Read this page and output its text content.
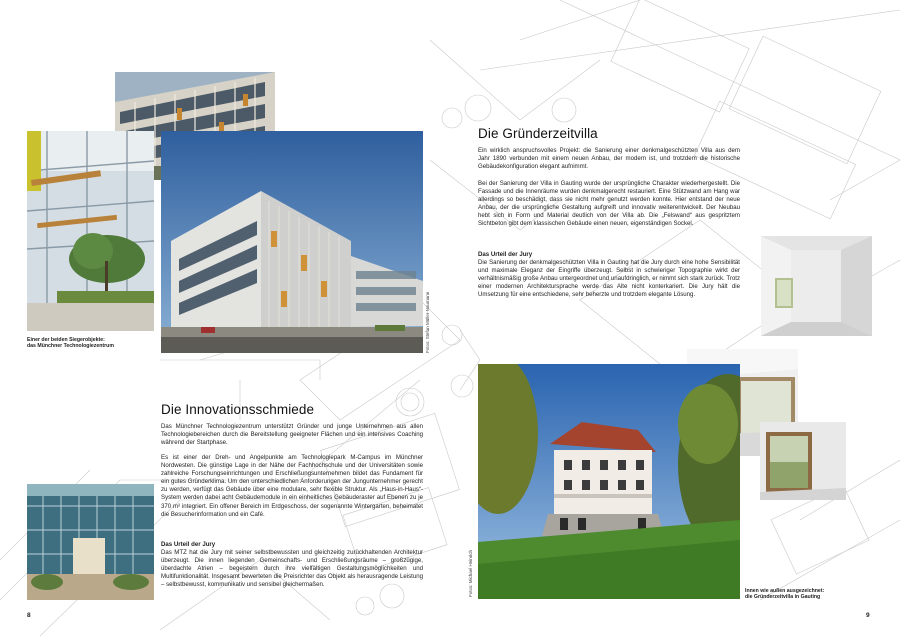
Fotos: Stefan Müller-Naumann
Einer der beiden Siegerobjekte:
das Münchner Technologiezentrum
Die Innovationsschmiede
Das Münchner Technologiezentrum unterstützt Gründer und junge Unternehmen aus allen Technologiebereichen durch die Bereitstellung geeigneter Flächen und ein intensives Coaching während der Startphase.
Es ist einer der Dreh- und Angelpunkte am Technologiepark M-Campus im Münchner Nordwesten. Die günstige Lage in der Nähe der Fachhochschule und der Universitäten sowie zahlreiche Forschungseinrichtungen und Erschließungsunternehmen bildet das Fundament für ein gutes Gründerklima. Um den unterschiedlichen Anforderungen der Jungunternehmer gerecht zu werden, verfügt das Gebäude über eine modulare, sehr flexible Struktur. Als „Haus-in-Haus“-System werden dabei acht Gebäudemodule in ein einheitliches Gebäuderaster auf Ebenen zu je 370 m² integriert. Ein offener Bereich im Erdgeschoss, der sogenannte Wintergarten, beheimatet die Besucherinformation und ein Café.
Das Urteil der Jury
Das MTZ hat die Jury mit seiner selbstbewussten und gleichzeitig zurückhaltenden Architektur überzeugt. Die innen liegenden Gemeinschafts- und Erschließungsräume – großzügige, überdachte Atrien – begeistern durch ihre vielfältigen Gestaltungsmöglichkeiten und Multifunktionalität. Insgesamt bewerteten die Preisrichter das Objekt als herausragende Leistung – selbstbewusst, kommunikativ und sensibel gleichermaßen.
8
Die Gründerzeitvilla
Ein wirklich anspruchsvolles Projekt: die Sanierung einer denkmalgeschützten Villa aus dem Jahr 1890 verbunden mit einem neuen Anbau, der modern ist, und trotzdem die historische Gebäudekonfiguration elegant aufnimmt.
Bei der Sanierung der Villa in Gauting wurde der ursprüngliche Charakter wiederhergestellt. Die Fassade und die Innenräume wurden denkmalgerecht restauriert. Eine Stützwand am Hang war allerdings so beschädigt, dass sie nicht mehr genutzt werden konnte. Hier entstand der neue Anbau, der die ursprüngliche Gestaltung aufgreift und innovativ weiterentwickelt. Der Neubau hebt sich in Form und Material deutlich von der Villa ab. Die „Felswand“ aus gespritztem Sichtbeton gibt dem klassischen Gebäude einen neuen, eigenständigen Sockel.
Das Urteil der Jury
Die Sanierung der denkmalgeschützten Villa in Gauting hat die Jury durch eine hohe Sensibilität und maximale Eleganz der Eingriffe überzeugt. Selbst in schwieriger Topographie wirkt der verhältnismäßig große Anbau untergeordnet und unaufdringlich, er nimmt sich stark zurück. Trotz einer modernen Architektursprache werde das Alte nicht konterkariert. Die Jury hält die Umsetzung für eine entschiedene, sehr beherzte und trotzdem elegante Lösung.
Fotos: Michael Heinrich	Innen wie außen ausgezeichnet:
die Gründerzeitvilla in Gauting
9
